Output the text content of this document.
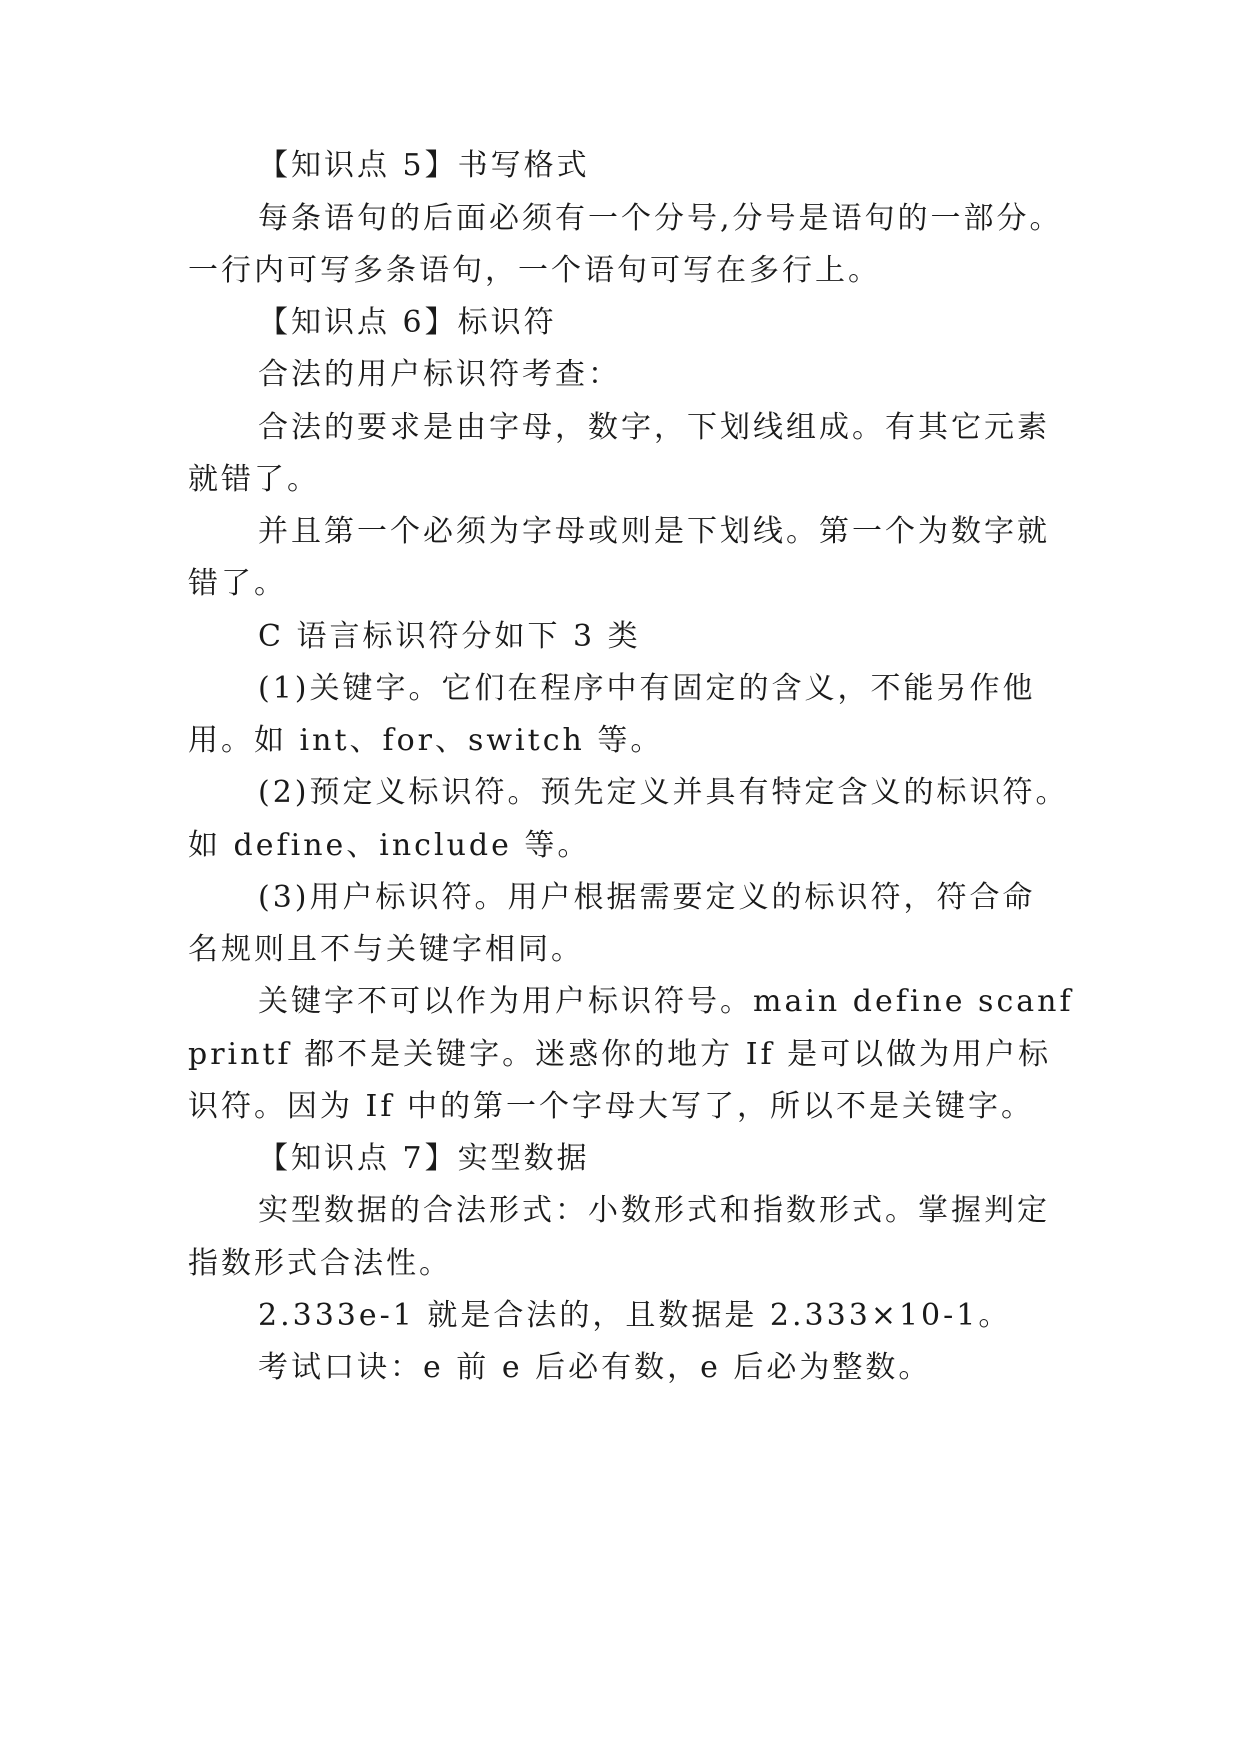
【知识点 5】书写格式
每条语句的后面必须有一个分号,分号是语句的一部分。
一行内可写多条语句，一个语句可写在多行上。
【知识点 6】标识符
合法的用户标识符考查：
合法的要求是由字母，数字，下划线组成。有其它元素
就错了。
并且第一个必须为字母或则是下划线。第一个为数字就
错了。
C 语言标识符分如下 3 类
(1)关键字。它们在程序中有固定的含义，不能另作他
用。如 int、for、switch 等。
(2)预定义标识符。预先定义并具有特定含义的标识符。
如 define、include 等。
(3)用户标识符。用户根据需要定义的标识符，符合命
名规则且不与关键字相同。
关键字不可以作为用户标识符号。main define scanf
printf 都不是关键字。迷惑你的地方 If 是可以做为用户标
识符。因为 If 中的第一个字母大写了，所以不是关键字。
【知识点 7】实型数据
实型数据的合法形式：小数形式和指数形式。掌握判定
指数形式合法性。
2.333e-1 就是合法的，且数据是 2.333×10-1。
考试口诀：e 前 e 后必有数，e 后必为整数。
